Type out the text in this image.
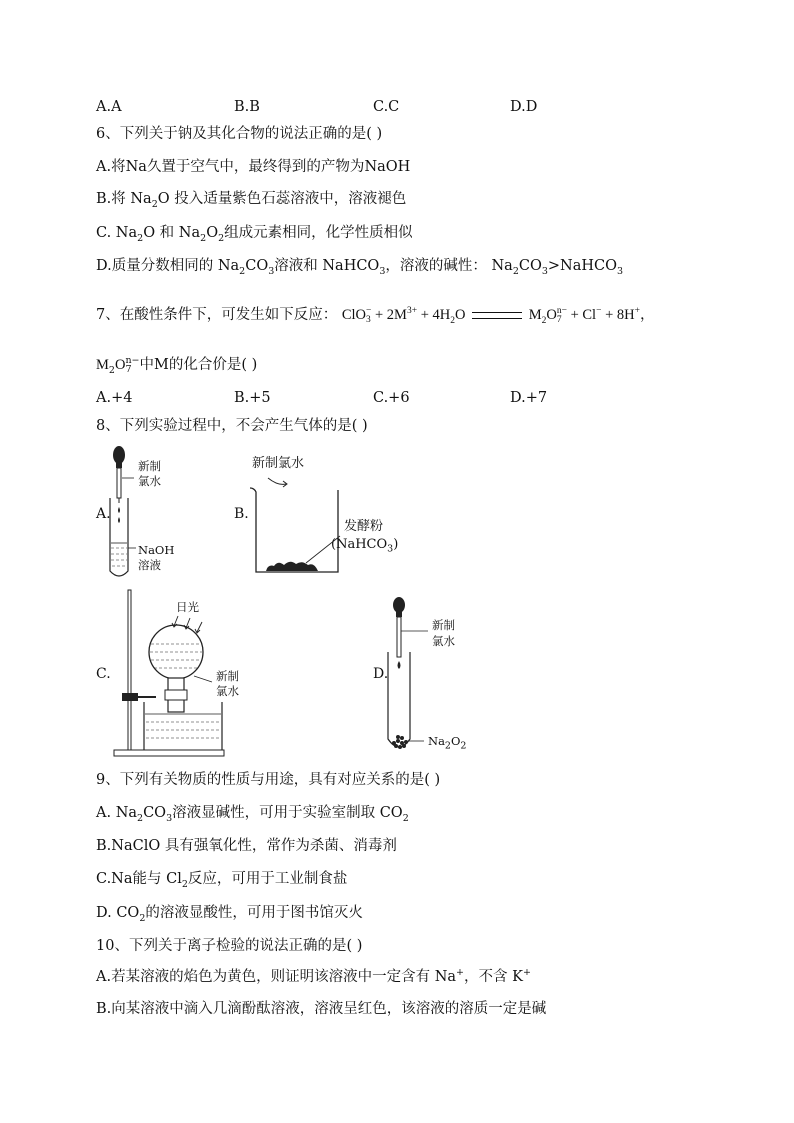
A.A	B.B	C.C	D.D
6、下列关于钠及其化合物的说法正确的是( )
A.将Na久置于空气中，最终得到的产物为NaOH
B.将 $Na_2O$ 投入适量紫色石蕊溶液中，溶液褪色
C. $Na_2O$ 和 $Na_2O_2$组成元素相同，化学性质相似
D.质量分数相同的 $Na_2CO_3$溶液和 NaHCO$_3$，溶液的碱性： $Na_2CO_3>NaHCO_3$
7、在酸性条件下，可发生如下反应： ClO −
$3 + 2M^{3+} + 4H_2O$	$M_2O$ n−
7 + Cl− + 8H+，
$M_2O$ n−
7 中M的化合价是( )
A.+4	B.+5	C.+6	D.+7
8、下列实验过程中，不会产生气体的是( )
A.
新制
氯水
NaOH
溶液
B.
新制氯水
发酵粉
(NaHCO$_3$)
C.
日光
新制
氯水
D.
新制
氯水
$Na_2O_2$
9、下列有关物质的性质与用途，具有对应关系的是( )
A. $Na_2CO_3$溶液显碱性，可用于实验室制取 $CO_2$
B.NaClO 具有强氧化性，常作为杀菌、消毒剂
C.Na能与 $Cl_2$反应，可用于工业制食盐
D. $CO_2$的溶液显酸性，可用于图书馆灭火
10、下列关于离子检验的说法正确的是( )
A.若某溶液的焰色为黄色，则证明该溶液中一定含有 Na+，不含 K+
B.向某溶液中滴入几滴酚酞溶液，溶液呈红色，该溶液的溶质一定是碱
